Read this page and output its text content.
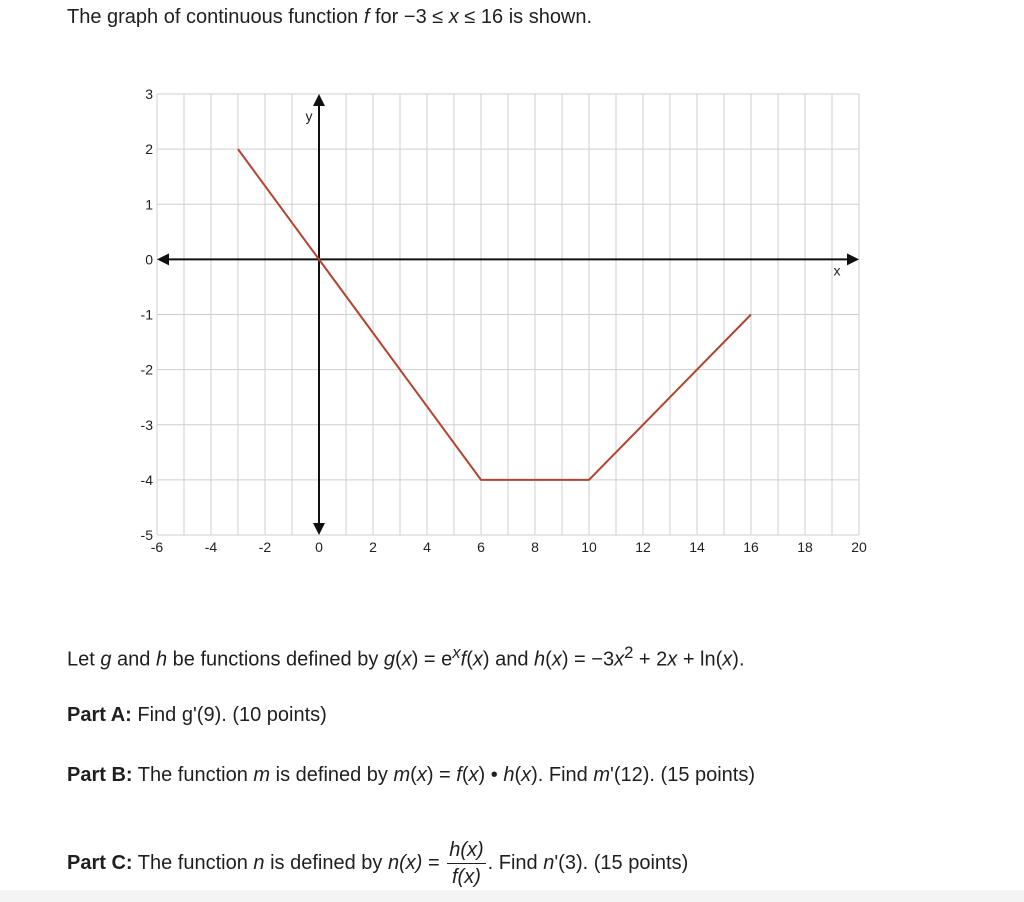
The graph of continuous function f for −3 ≤ x ≤ 16 is shown.
x
y
-6	-4	-2	0	2	4	6	8	10	12	14	16	18	20
3
2
1
0
-1
-2
-3
-4
-5
Let g and h be functions defined by $g(x) = e^xf(x)$ and $h(x) = -3x^2 + 2x + \ln(x)$.
Part A: Find g'(9). (10 points)
Part B: The function m is defined by m(x) = f(x) • h(x). Find m'(12). (15 points)
Part C: The function n is defined by $n(x) = \frac{h(x)}{f(x)}$ . Find n'(3). (15 points)
